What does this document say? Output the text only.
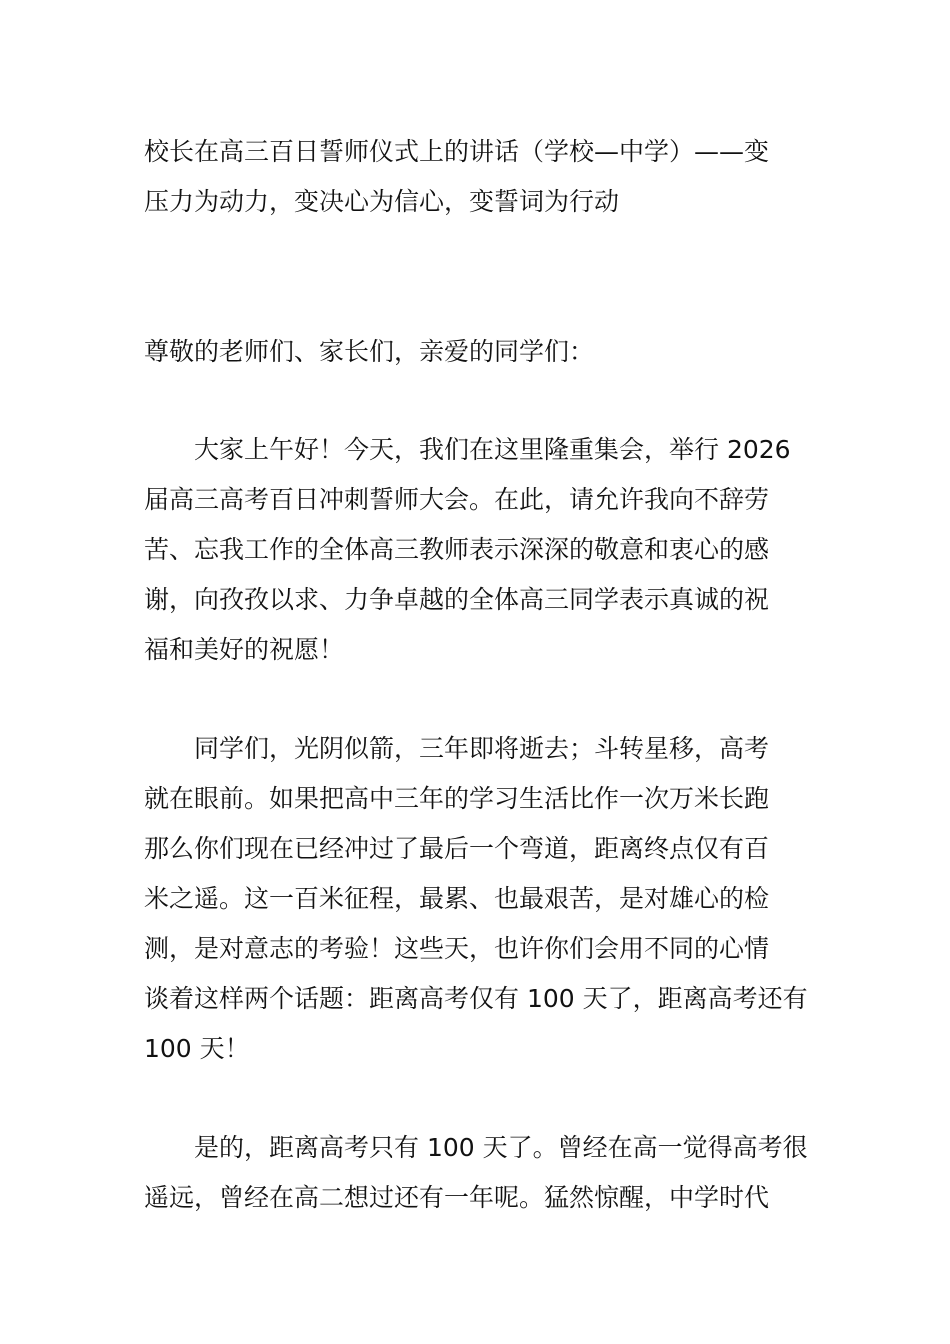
校长在高三百日誓师仪式上的讲话（学校—中学）——变
压力为动力，变决心为信心，变誓词为行动
尊敬的老师们、家长们，亲爱的同学们：
　　大家上午好！今天，我们在这里隆重集会，举行 2026
届高三高考百日冲刺誓师大会。在此，请允许我向不辞劳
苦、忘我工作的全体高三教师表示深深的敬意和衷心的感
谢，向孜孜以求、力争卓越的全体高三同学表示真诚的祝
福和美好的祝愿！
　　同学们，光阴似箭，三年即将逝去；斗转星移，高考
就在眼前。如果把高中三年的学习生活比作一次万米长跑
那么你们现在已经冲过了最后一个弯道，距离终点仅有百
米之遥。这一百米征程，最累、也最艰苦，是对雄心的检
测，是对意志的考验！这些天，也许你们会用不同的心情
谈着这样两个话题：距离高考仅有 100 天了，距离高考还有
100 天！
　　是的，距离高考只有 100 天了。曾经在高一觉得高考很
遥远，曾经在高二想过还有一年呢。猛然惊醒，中学时代
